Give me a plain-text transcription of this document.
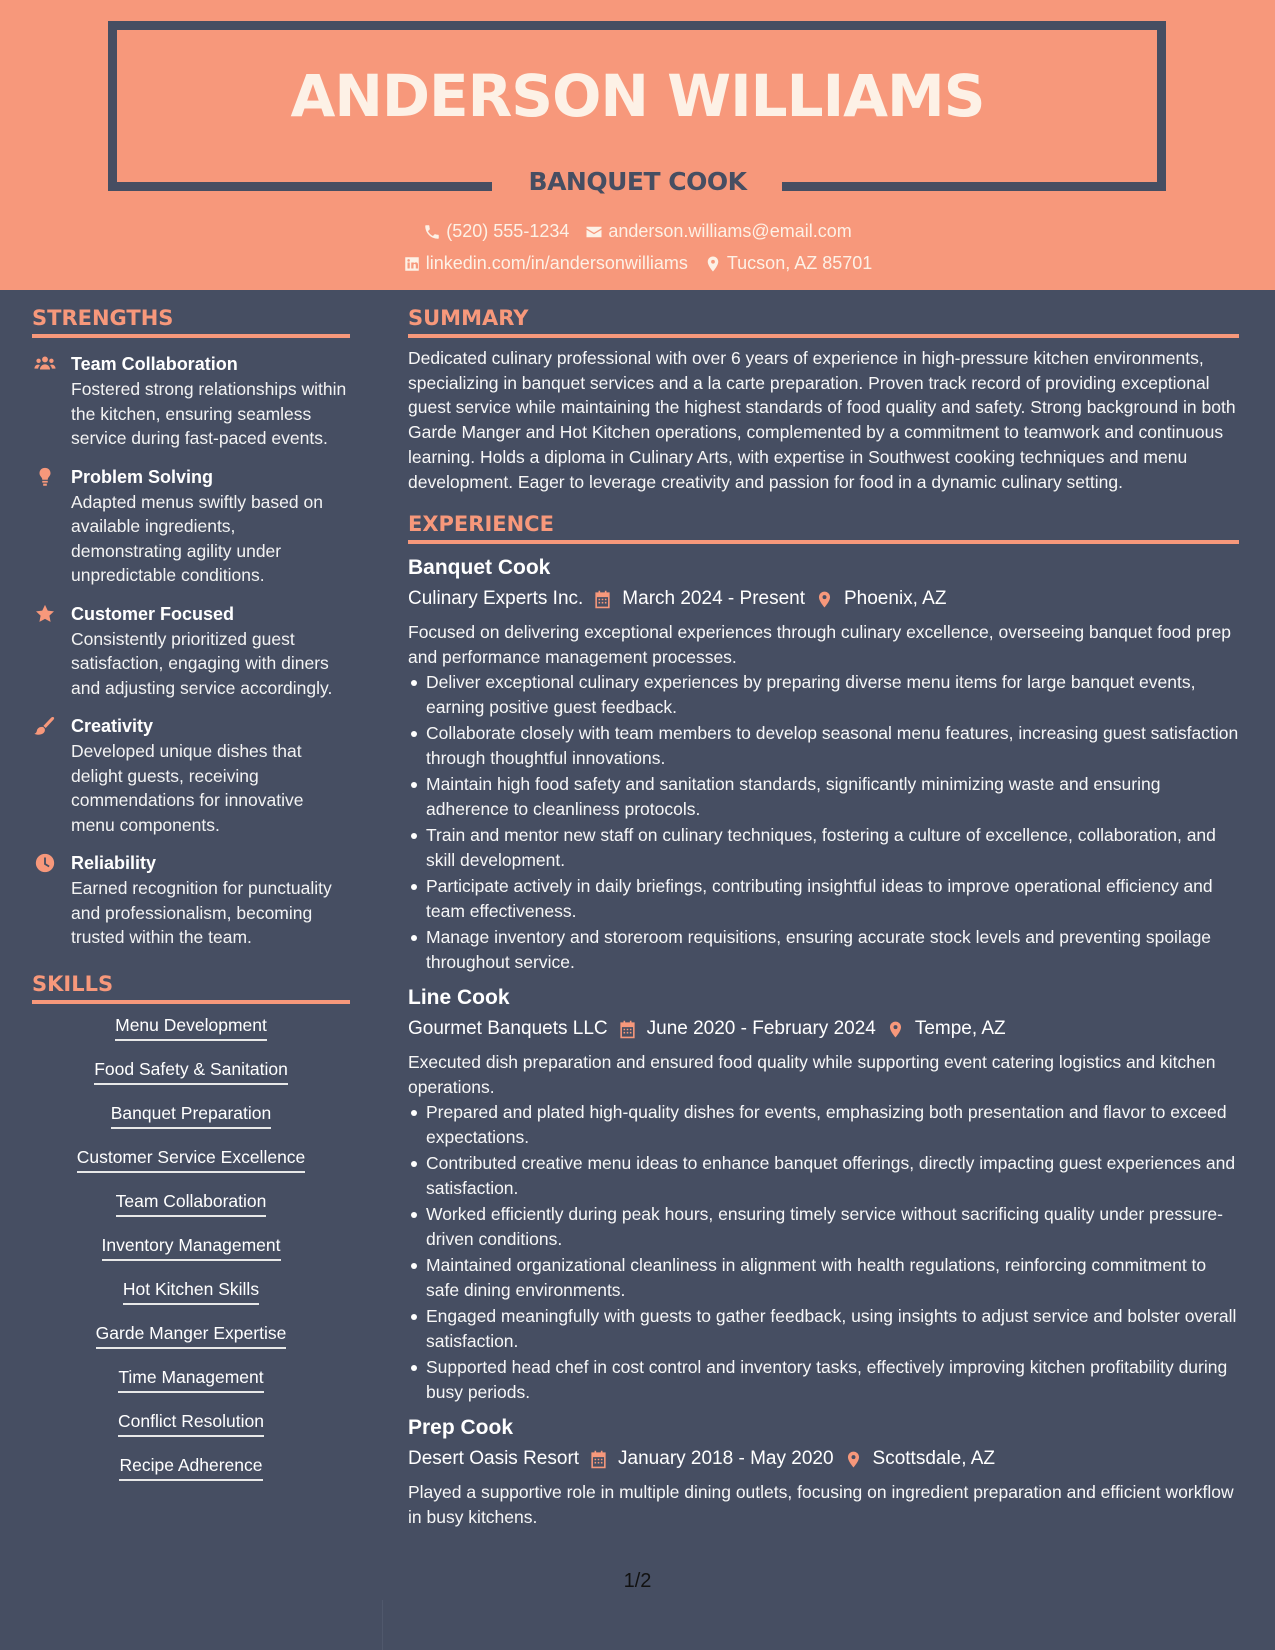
ANDERSON WILLIAMS
BANQUET COOK
(520) 555-1234 anderson.williams@email.com
linkedin.com/in/andersonwilliams Tucson, AZ 85701
STRENGTHS
Team Collaboration
Fostered strong relationships within the kitchen, ensuring seamless service during fast-paced events.
Problem Solving
Adapted menus swiftly based on available ingredients, demonstrating agility under unpredictable conditions.
Customer Focused
Consistently prioritized guest satisfaction, engaging with diners and adjusting service accordingly.
Creativity
Developed unique dishes that delight guests, receiving commendations for innovative menu components.
Reliability
Earned recognition for punctuality and professionalism, becoming trusted within the team.
SKILLS
Menu Development
Food Safety & Sanitation
Banquet Preparation
Customer Service Excellence
Team Collaboration
Inventory Management
Hot Kitchen Skills
Garde Manger Expertise
Time Management
Conflict Resolution
Recipe Adherence
SUMMARY

Dedicated culinary professional with over 6 years of experience in high-pressure kitchen environments, specializing in banquet services and a la carte preparation. Proven track record of providing exceptional guest service while maintaining the highest standards of food quality and safety. Strong background in both Garde Manger and Hot Kitchen operations, complemented by a commitment to teamwork and continuous learning. Holds a diploma in Culinary Arts, with expertise in Southwest cooking techniques and menu development. Eager to leverage creativity and passion for food in a dynamic culinary setting.

EXPERIENCE
Banquet Cook
Culinary Experts Inc. March 2024 - Present Phoenix, AZ

Focused on delivering exceptional experiences through culinary excellence, overseeing banquet food prep and performance management processes.

Deliver exceptional culinary experiences by preparing diverse menu items for large banquet events, earning positive guest feedback.
Collaborate closely with team members to develop seasonal menu features, increasing guest satisfaction through thoughtful innovations.
Maintain high food safety and sanitation standards, significantly minimizing waste and ensuring adherence to cleanliness protocols.
Train and mentor new staff on culinary techniques, fostering a culture of excellence, collaboration, and skill development.
Participate actively in daily briefings, contributing insightful ideas to improve operational efficiency and team effectiveness.
Manage inventory and storeroom requisitions, ensuring accurate stock levels and preventing spoilage throughout service.
Line Cook
Gourmet Banquets LLC June 2020 - February 2024 Tempe, AZ

Executed dish preparation and ensured food quality while supporting event catering logistics and kitchen operations.

Prepared and plated high-quality dishes for events, emphasizing both presentation and flavor to exceed expectations.
Contributed creative menu ideas to enhance banquet offerings, directly impacting guest experiences and satisfaction.
Worked efficiently during peak hours, ensuring timely service without sacrificing quality under pressure-driven conditions.
Maintained organizational cleanliness in alignment with health regulations, reinforcing commitment to safe dining environments.
Engaged meaningfully with guests to gather feedback, using insights to adjust service and bolster overall satisfaction.
Supported head chef in cost control and inventory tasks, effectively improving kitchen profitability during busy periods.
Prep Cook
Desert Oasis Resort January 2018 - May 2020 Scottsdale, AZ

Played a supportive role in multiple dining outlets, focusing on ingredient preparation and efficient workflow in busy kitchens.

1/2
